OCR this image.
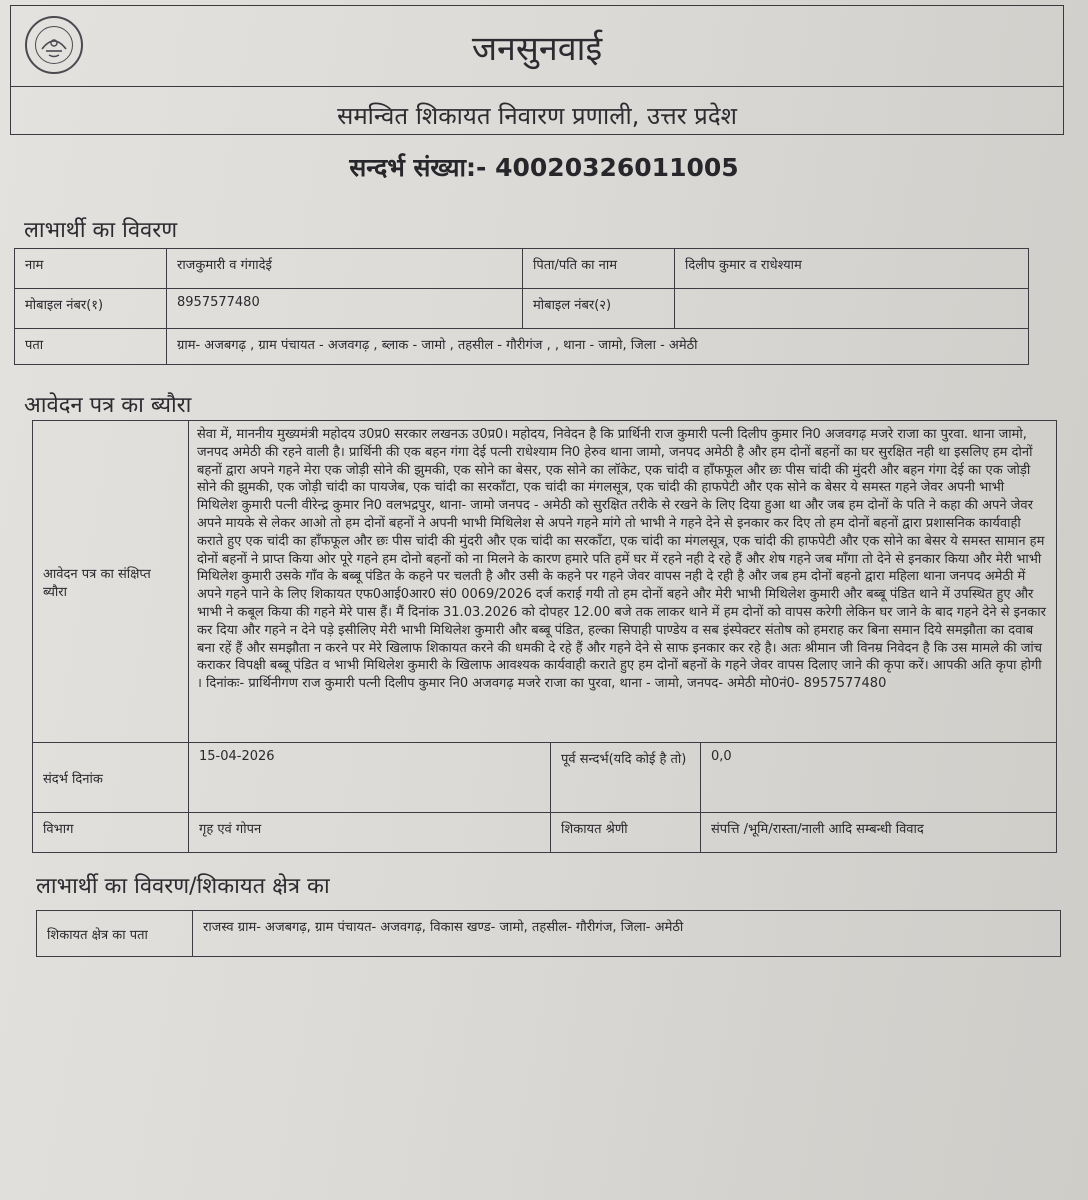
जनसुनवाई
समन्वित शिकायत निवारण प्रणाली, उत्तर प्रदेश
सन्दर्भ संख्या:- 40020326011005
लाभार्थी का विवरण
नाम	राजकुमारी व गंगादेई	पिता/पति का नाम	दिलीप कुमार व राधेश्याम
मोबाइल नंबर(१)	8957577480	मोबाइल नंबर(२)	
पता	ग्राम- अजबगढ़ , ग्राम पंचायत - अजवगढ़ , ब्लाक - जामो , तहसील - गौरीगंज , , थाना - जामो, जिला - अमेठी		
आवेदन पत्र का ब्यौरा
आवेदन पत्र का संक्षिप्त ब्यौरा	सेवा में, माननीय मुख्यमंत्री महोदय उ0प्र0 सरकार लखनऊ उ0प्र0। महोदय, निवेदन है कि प्रार्थिनी राज कुमारी पत्नी दिलीप कुमार नि0 अजवगढ़ मजरे राजा का पुरवा. थाना जामो, जनपद अमेठी की रहने वाली है। प्रार्थिनी की एक बहन गंगा देई पत्नी राधेश्याम नि0 हेरुव थाना जामो, जनपद अमेठी है और हम दोनों बहनों का घर सुरक्षित नही था इसलिए हम दोनों बहनों द्वारा अपने गहने मेरा एक जोड़ी सोने की झुमकी, एक सोने का बेसर, एक सोने का लॉकेट, एक चांदी व हाँफफूल और छः पीस चांदी की मुंदरी और बहन गंगा देई का एक जोड़ी सोने की झुमकी, एक जोड़ी चांदी का पायजेब, एक चांदी का सरकाँटा, एक चांदी का मंगलसूत्र, एक चांदी की हाफपेटी और एक सोने क बेसर ये समस्त गहने जेवर अपनी भाभी मिथिलेश कुमारी पत्नी वीरेन्द्र कुमार नि0 वलभद्रपुर, थाना- जामो जनपद - अमेठी को सुरक्षित तरीके से रखने के लिए दिया हुआ था और जब हम दोनों के पति ने कहा की अपने जेवर अपने मायके से लेकर आओ तो हम दोनों बहनों ने अपनी भाभी मिथिलेश से अपने गहने मांगे तो भाभी ने गहने देने से इनकार कर दिए तो हम दोनों बहनों द्वारा प्रशासनिक कार्यवाही कराते हुए एक चांदी का हाँफफूल और छः पीस चांदी की मुंदरी और एक चांदी का सरकाँटा, एक चांदी का मंगलसूत्र, एक चांदी की हाफपेटी और एक सोने का बेसर ये समस्त सामान हम दोनों बहनों ने प्राप्त किया ओर पूरे गहने हम दोनो बहनों को ना मिलने के कारण हमारे पति हमें घर में रहने नही दे रहे हैं और शेष गहने जब माँगा तो देने से इनकार किया और मेरी भाभी मिथिलेश कुमारी उसके गाँव के बब्बू पंडित के कहने पर चलती है और उसी के कहने पर गहने जेवर वापस नही दे रही है और जब हम दोनों बहनो द्वारा महिला थाना जनपद अमेठी में अपने गहने पाने के लिए शिकायत एफ0आई0आर0 सं0 0069/2026 दर्ज कराई गयी तो हम दोनों बहने और मेरी भाभी मिथिलेश कुमारी और बब्बू पंडित थाने में उपस्थित हुए और भाभी ने कबूल किया की गहने मेरे पास हैं। मैं दिनांक 31.03.2026 को दोपहर 12.00 बजे तक लाकर थाने में हम दोनों को वापस करेगी लेकिन घर जाने के बाद गहने देने से इनकार कर दिया और गहने न देने पड़े इसीलिए मेरी भाभी मिथिलेश कुमारी और बब्बू पंडित, हल्का सिपाही पाण्डेय व सब इंस्पेक्टर संतोष को हमराह कर बिना समान दिये समझौता का दवाब बना रहें हैं और समझौता न करने पर मेरे खिलाफ शिकायत करने की धमकी दे रहे हैं और गहने देने से साफ इनकार कर रहे है। अतः श्रीमान जी विनम्र निवेदन है कि उस मामले की जांच कराकर विपक्षी बब्बू पंडित व भाभी मिथिलेश कुमारी के खिलाफ आवश्यक कार्यवाही कराते हुए हम दोनों बहनों के गहने जेवर वापस दिलाए जाने की कृपा करें। आपकी अति कृपा होगी । दिनांकः- प्रार्थिनीगण राज कुमारी पत्नी दिलीप कुमार नि0 अजवगढ़ मजरे राजा का पुरवा, थाना - जामो, जनपद- अमेठी मो0नं0- 8957577480		
संदर्भ दिनांक	15-04-2026	पूर्व सन्दर्भ(यदि कोई है तो)	0,0
विभाग	गृह एवं गोपन	शिकायत श्रेणी	संपत्ति /भूमि/रास्ता/नाली आदि सम्बन्धी विवाद
लाभार्थी का विवरण/शिकायत क्षेत्र का
शिकायत क्षेत्र का पता	राजस्व ग्राम- अजबगढ़, ग्राम पंचायत- अजवगढ़, विकास खण्ड- जामो, तहसील- गौरीगंज, जिला- अमेठी
